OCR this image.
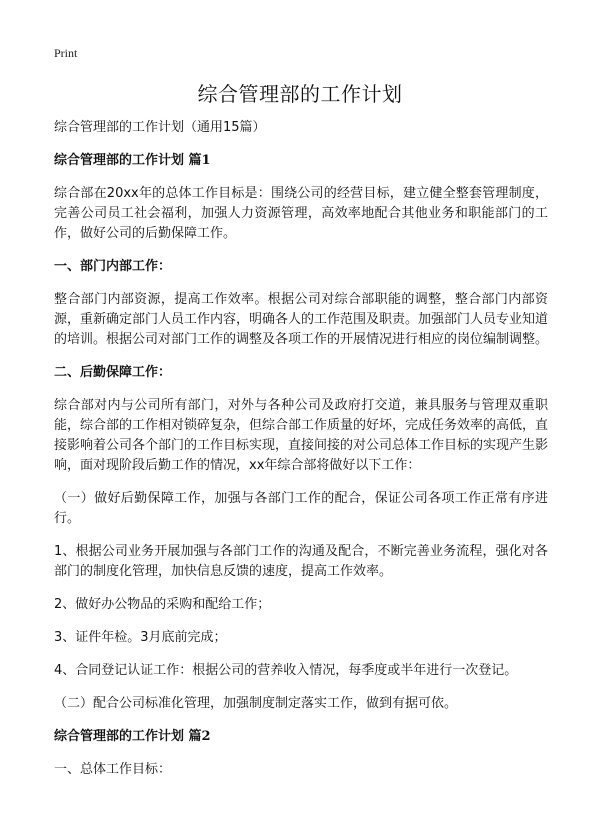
Print
综合管理部的工作计划

综合管理部的工作计划（通用15篇）

综合管理部的工作计划 篇1

综合部在20xx年的总体工作目标是：围绕公司的经营目标，建立健全整套管理制度，完善公司员工社会福利，加强人力资源管理，高效率地配合其他业务和职能部门的工作，做好公司的后勤保障工作。

一、部门内部工作：

整合部门内部资源，提高工作效率。根据公司对综合部职能的调整，整合部门内部资源，重新确定部门人员工作内容，明确各人的工作范围及职责。加强部门人员专业知道的培训。根据公司对部门工作的调整及各项工作的开展情况进行相应的岗位编制调整。

二、后勤保障工作：

综合部对内与公司所有部门，对外与各种公司及政府打交道，兼具服务与管理双重职能，综合部的工作相对锁碎复杂，但综合部工作质量的好坏，完成任务效率的高低，直接影响着公司各个部门的工作目标实现，直接间接的对公司总体工作目标的实现产生影响，面对现阶段后勤工作的情况，xx年综合部将做好以下工作：

（一）做好后勤保障工作，加强与各部门工作的配合，保证公司各项工作正常有序进行。

1、根据公司业务开展加强与各部门工作的沟通及配合，不断完善业务流程，强化对各部门的制度化管理，加快信息反馈的速度，提高工作效率。

2、做好办公物品的采购和配给工作；

3、证件年检。3月底前完成；

4、合同登记认证工作：根据公司的营养收入情况，每季度或半年进行一次登记。

（二）配合公司标准化管理，加强制度制定落实工作，做到有据可依。

综合管理部的工作计划 篇2

一、总体工作目标：
